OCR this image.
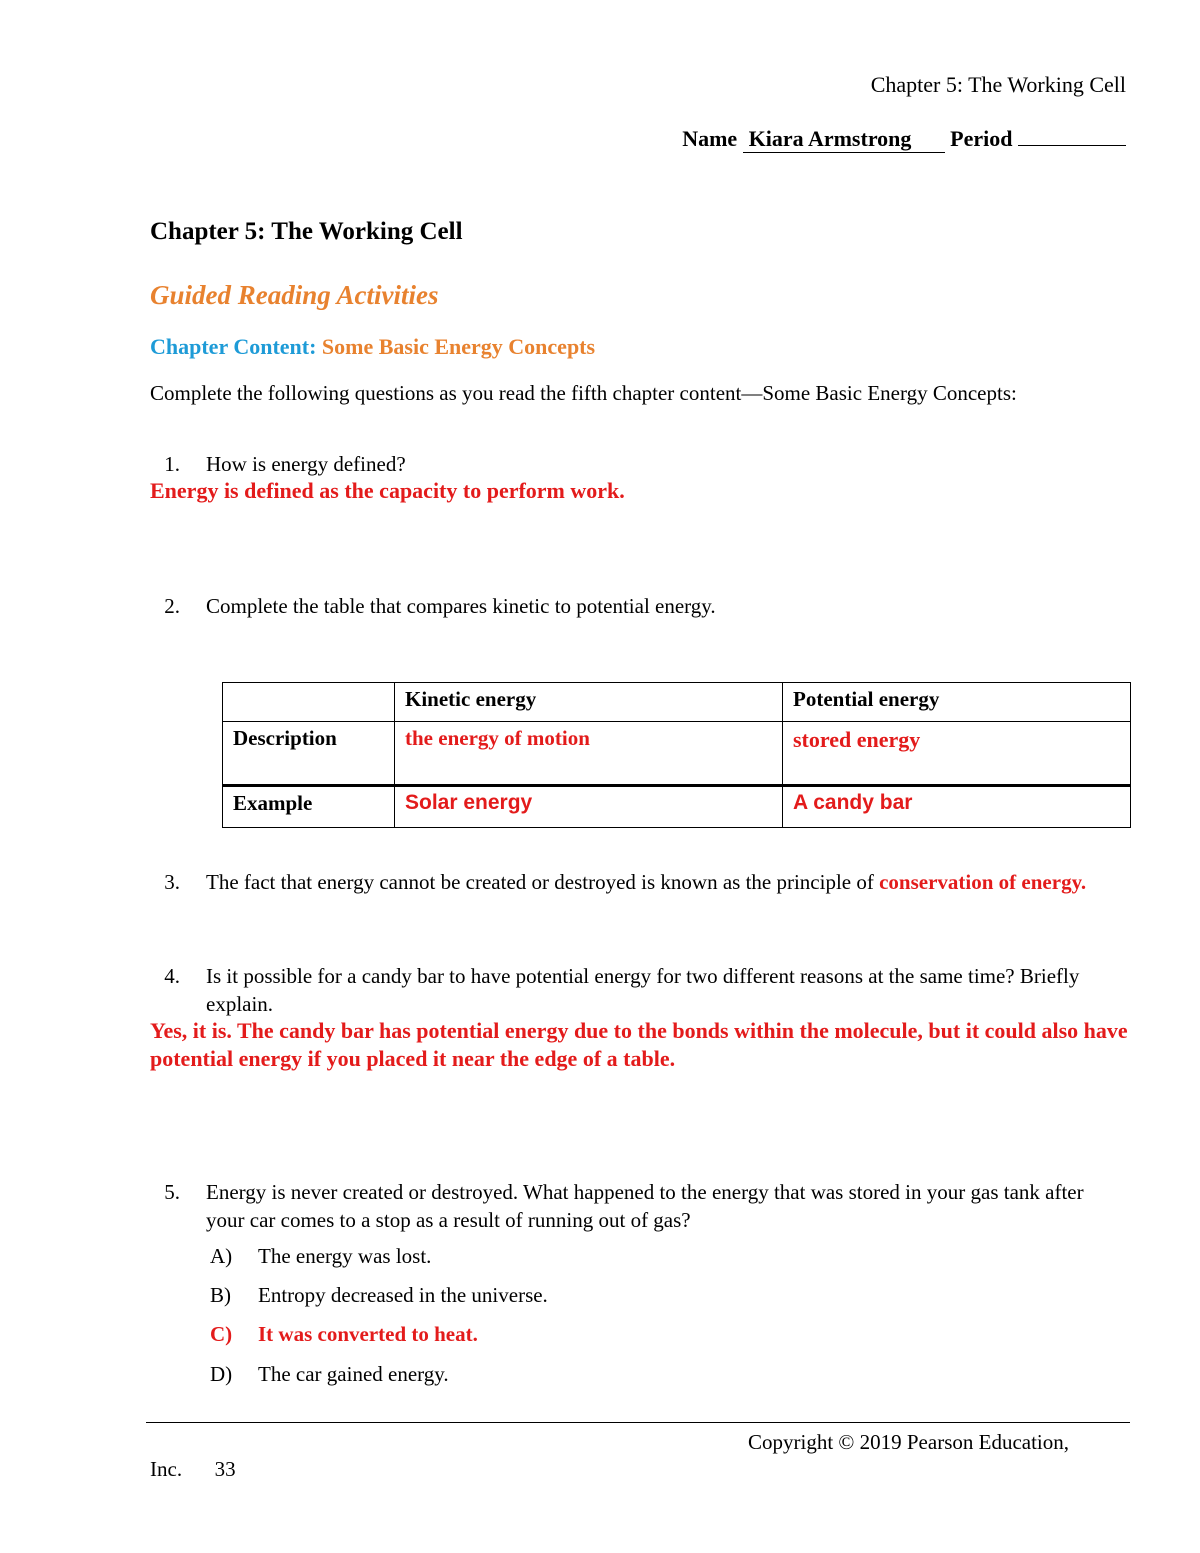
Chapter 5: The Working Cell
Name Kiara Armstrong Period
Chapter 5: The Working Cell
Guided Reading Activities
Chapter Content: Some Basic Energy Concepts
Complete the following questions as you read the fifth chapter content—Some Basic Energy Concepts:
1. How is energy defined?
Energy is defined as the capacity to perform work.
2. Complete the table that compares kinetic to potential energy.
	Kinetic energy	Potential energy
Description	the energy of motion	stored energy
Example	Solar energy	A candy bar
3. The fact that energy cannot be created or destroyed is known as the principle of conservation of energy.
4. Is it possible for a candy bar to have potential energy for two different reasons at the same time? Briefly explain.
Yes, it is. The candy bar has potential energy due to the bonds within the molecule, but it could also have potential energy if you placed it near the edge of a table.
5. Energy is never created or destroyed. What happened to the energy that was stored in your gas tank after your car comes to a stop as a result of running out of gas?
A) The energy was lost.
B) Entropy decreased in the universe.
C) It was converted to heat.
D) The car gained energy.
Copyright © 2019 Pearson Education,
Inc. 33
